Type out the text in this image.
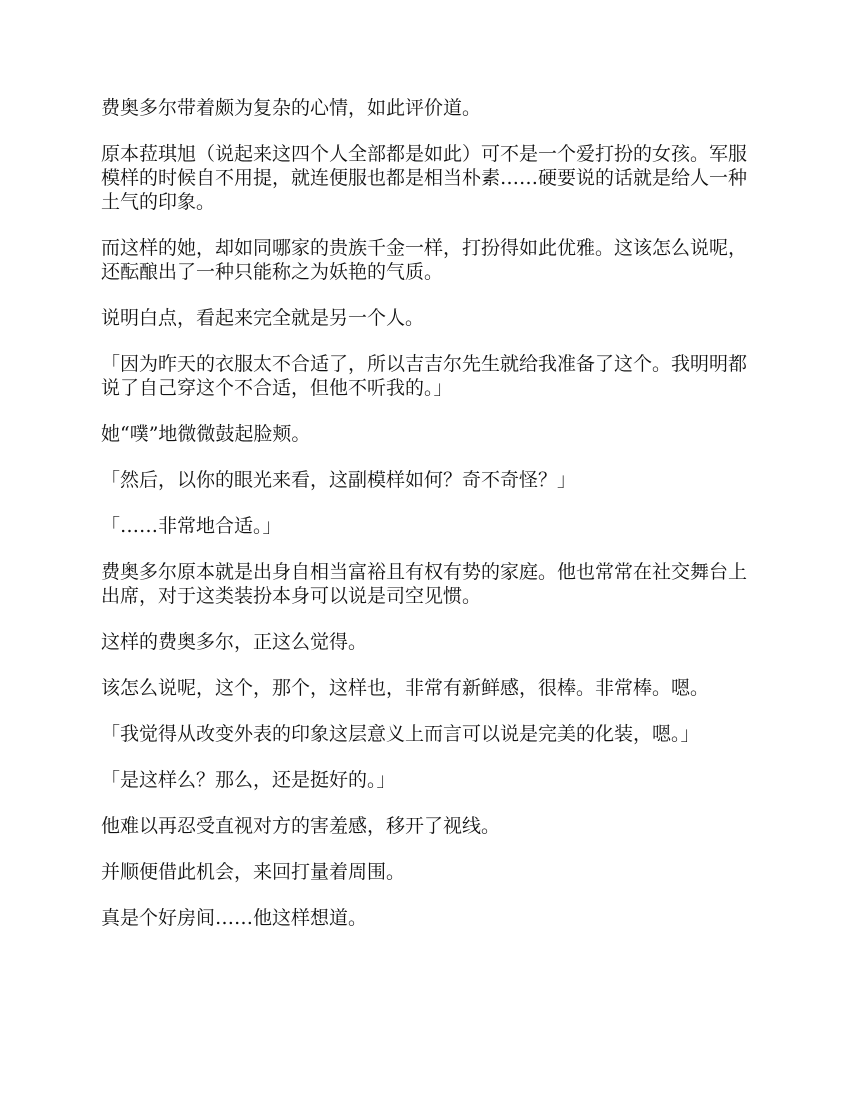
费奥多尔带着颇为复杂的心情，如此评价道。

原本菈琪旭（说起来这四个人全部都是如此）可不是一个爱打扮的女孩。军服模样的时候自不用提，就连便服也都是相当朴素……硬要说的话就是给人一种土气的印象。

而这样的她，却如同哪家的贵族千金一样，打扮得如此优雅。这该怎么说呢，还酝酿出了一种只能称之为妖艳的气质。

说明白点，看起来完全就是另一个人。

「因为昨天的衣服太不合适了，所以吉吉尔先生就给我准备了这个。我明明都说了自己穿这个不合适，但他不听我的。」

她“噗”地微微鼓起脸颊。

「然后，以你的眼光来看，这副模样如何？奇不奇怪？」

「……非常地合适。」

费奥多尔原本就是出身自相当富裕且有权有势的家庭。他也常常在社交舞台上出席，对于这类装扮本身可以说是司空见惯。

这样的费奥多尔，正这么觉得。

该怎么说呢，这个，那个，这样也，非常有新鲜感，很棒。非常棒。嗯。

「我觉得从改变外表的印象这层意义上而言可以说是完美的化装，嗯。」

「是这样么？那么，还是挺好的。」

他难以再忍受直视对方的害羞感，移开了视线。

并顺便借此机会，来回打量着周围。

真是个好房间……他这样想道。
